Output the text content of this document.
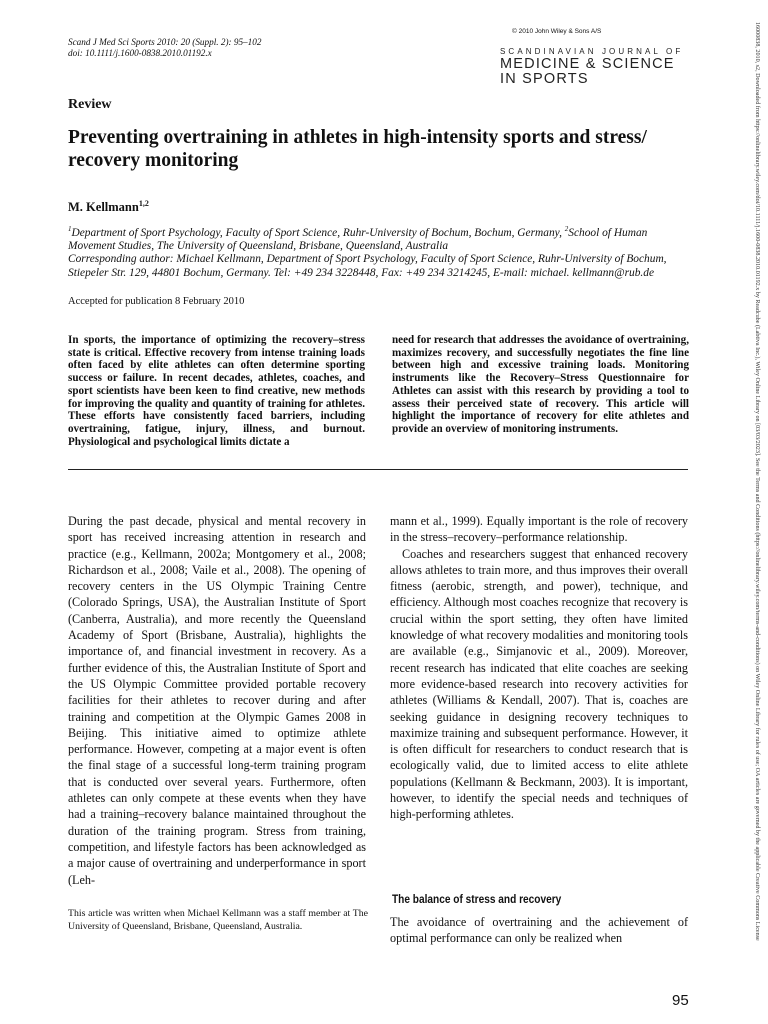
Scand J Med Sci Sports 2010: 20 (Suppl. 2): 95–102
doi: 10.1111/j.1600-0838.2010.01192.x
© 2010 John Wiley & Sons A/S
SCANDINAVIAN JOURNAL OF
MEDICINE & SCIENCE
IN SPORTS
Review
Preventing overtraining in athletes in high-intensity sports and stress/ recovery monitoring
M. Kellmann$^{1,2}$
$^1$Department of Sport Psychology, Faculty of Sport Science, Ruhr-University of Bochum, Bochum, Germany, $^2$School of Human Movement Studies, The University of Queensland, Brisbane, Queensland, Australia
Corresponding author: Michael Kellmann, Department of Sport Psychology, Faculty of Sport Science, Ruhr-University of Bochum, Stiepeler Str. 129, 44801 Bochum, Germany. Tel: +49 234 3228448, Fax: +49 234 3214245, E-mail: michael. kellmann@rub.de
Accepted for publication 8 February 2010
In sports, the importance of optimizing the recovery–stress state is critical. Effective recovery from intense training loads often faced by elite athletes can often determine sporting success or failure. In recent decades, athletes, coaches, and sport scientists have been keen to find creative, new methods for improving the quality and quantity of training for athletes. These efforts have consistently faced barriers, including overtraining, fatigue, injury, illness, and burnout. Physiological and psychological limits dictate a
need for research that addresses the avoidance of overtraining, maximizes recovery, and successfully negotiates the fine line between high and excessive training loads. Monitoring instruments like the Recovery–Stress Questionnaire for Athletes can assist with this research by providing a tool to assess their perceived state of recovery. This article will highlight the importance of recovery for elite athletes and provide an overview of monitoring instruments.

During the past decade, physical and mental recovery in sport has received increasing attention in research and practice (e.g., Kellmann, 2002a; Montgomery et al., 2008; Richardson et al., 2008; Vaile et al., 2008). The opening of recovery centers in the US Olympic Training Centre (Colorado Springs, USA), the Australian Institute of Sport (Canberra, Australia), and more recently the Queensland Academy of Sport (Brisbane, Australia), highlights the importance of, and financial investment in recovery. As a further evidence of this, the Australian Institute of Sport and the US Olympic Committee provided portable recovery facilities for their athletes to recover during and after training and competition at the Olympic Games 2008 in Beijing. This initiative aimed to optimize athlete performance. However, competing at a major event is often the final stage of a successful long-term training program that is conducted over several years. Furthermore, often athletes can only compete at these events when they have had a training–recovery balance maintained throughout the duration of the training program. Stress from training, competition, and lifestyle factors has been acknowledged as a major cause of overtraining and underperformance in sport (Leh-

This article was written when Michael Kellmann was a staff member at The University of Queensland, Brisbane, Queensland, Australia.

mann et al., 1999). Equally important is the role of recovery in the stress–recovery–performance relationship.

Coaches and researchers suggest that enhanced recovery allows athletes to train more, and thus improves their overall fitness (aerobic, strength, and power), technique, and efficiency. Although most coaches recognize that recovery is crucial within the sport setting, they often have limited knowledge of what recovery modalities and monitoring tools are available (e.g., Simjanovic et al., 2009). Moreover, recent research has indicated that elite coaches are seeking more evidence-based research into recovery activities for athletes (Williams & Kendall, 2007). That is, coaches are seeking guidance in designing recovery techniques to maximize training and subsequent performance. However, it is often difficult for researchers to conduct research that is ecologically valid, due to limited access to elite athlete populations (Kellmann & Beckmann, 2003). It is important, however, to identify the special needs and techniques of high-performing athletes.

The balance of stress and recovery

The avoidance of overtraining and the achievement of optimal performance can only be realized when

95
16000838, 2010, s2, Downloaded from https://onlinelibrary.wiley.com/doi/10.1111/j.1600-0838.2010.01192.x by Readcube (Labtiva Inc.), Wiley Online Library on [03/03/2023]. See the Terms and Conditions (https://onlinelibrary.wiley.com/terms-and-conditions) on Wiley Online Library for rules of use; OA articles are governed by the applicable Creative Commons License
